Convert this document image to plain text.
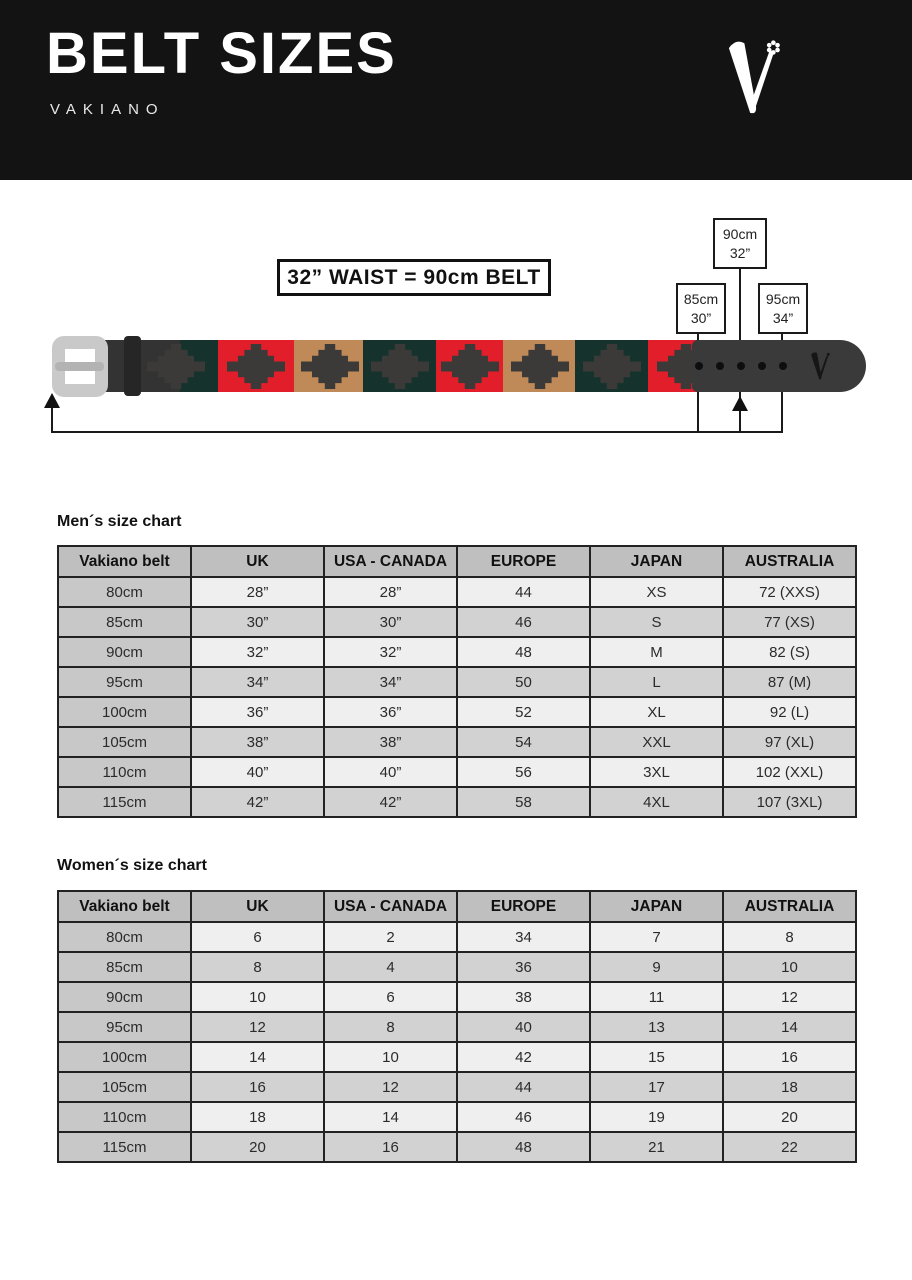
BELT SIZES
VAKIANO
32” WAIST = 90cm BELT
90cm
32”
85cm
30”
95cm
34”
Men´s size chart
Vakiano belt	UK	USA - CANADA	EUROPE	JAPAN	AUSTRALIA
80cm	28”	28”	44	XS	72 (XXS)
85cm	30”	30”	46	S	77 (XS)
90cm	32”	32”	48	M	82 (S)
95cm	34”	34”	50	L	87 (M)
100cm	36”	36”	52	XL	92 (L)
105cm	38”	38”	54	XXL	97 (XL)
110cm	40”	40”	56	3XL	102 (XXL)
115cm	42”	42”	58	4XL	107 (3XL)
Women´s size chart
Vakiano belt	UK	USA - CANADA	EUROPE	JAPAN	AUSTRALIA
80cm	6	2	34	7	8
85cm	8	4	36	9	10
90cm	10	6	38	11	12
95cm	12	8	40	13	14
100cm	14	10	42	15	16
105cm	16	12	44	17	18
110cm	18	14	46	19	20
115cm	20	16	48	21	22
